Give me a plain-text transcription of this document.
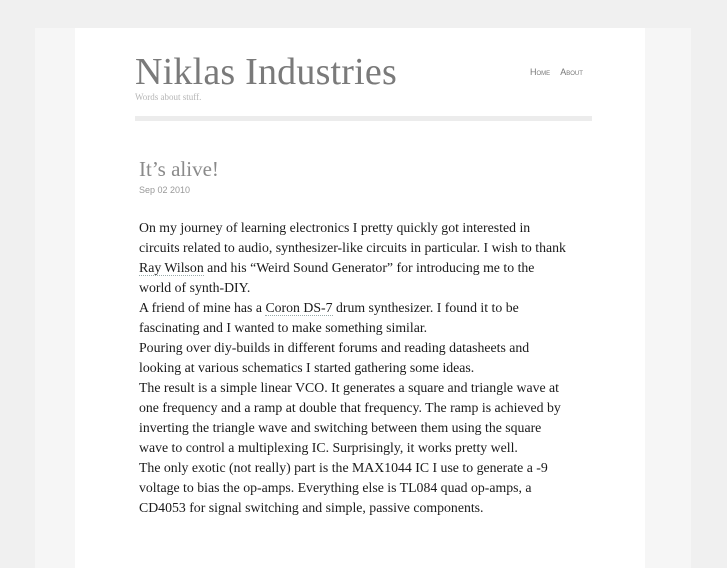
Niklas Industries
Words about stuff.
Home About
It’s alive!
Sep 02 2010

On my journey of learning electronics I pretty quickly got interested in circuits related to audio, synthesizer-like circuits in particular. I wish to thank Ray Wilson and his “Weird Sound Generator” for introducing me to the world of synth-DIY.

A friend of mine has a Coron DS-7 drum synthesizer. I found it to be fascinating and I wanted to make something similar.

Pouring over diy-builds in different forums and reading datasheets and looking at various schematics I started gathering some ideas.

The result is a simple linear VCO. It generates a square and triangle wave at one frequency and a ramp at double that frequency. The ramp is achieved by inverting the triangle wave and switching between them using the square wave to control a multiplexing IC. Surprisingly, it works pretty well.

The only exotic (not really) part is the MAX1044 IC I use to generate a -9 voltage to bias the op-amps. Everything else is TL084 quad op-amps, a CD4053 for signal switching and simple, passive components.
